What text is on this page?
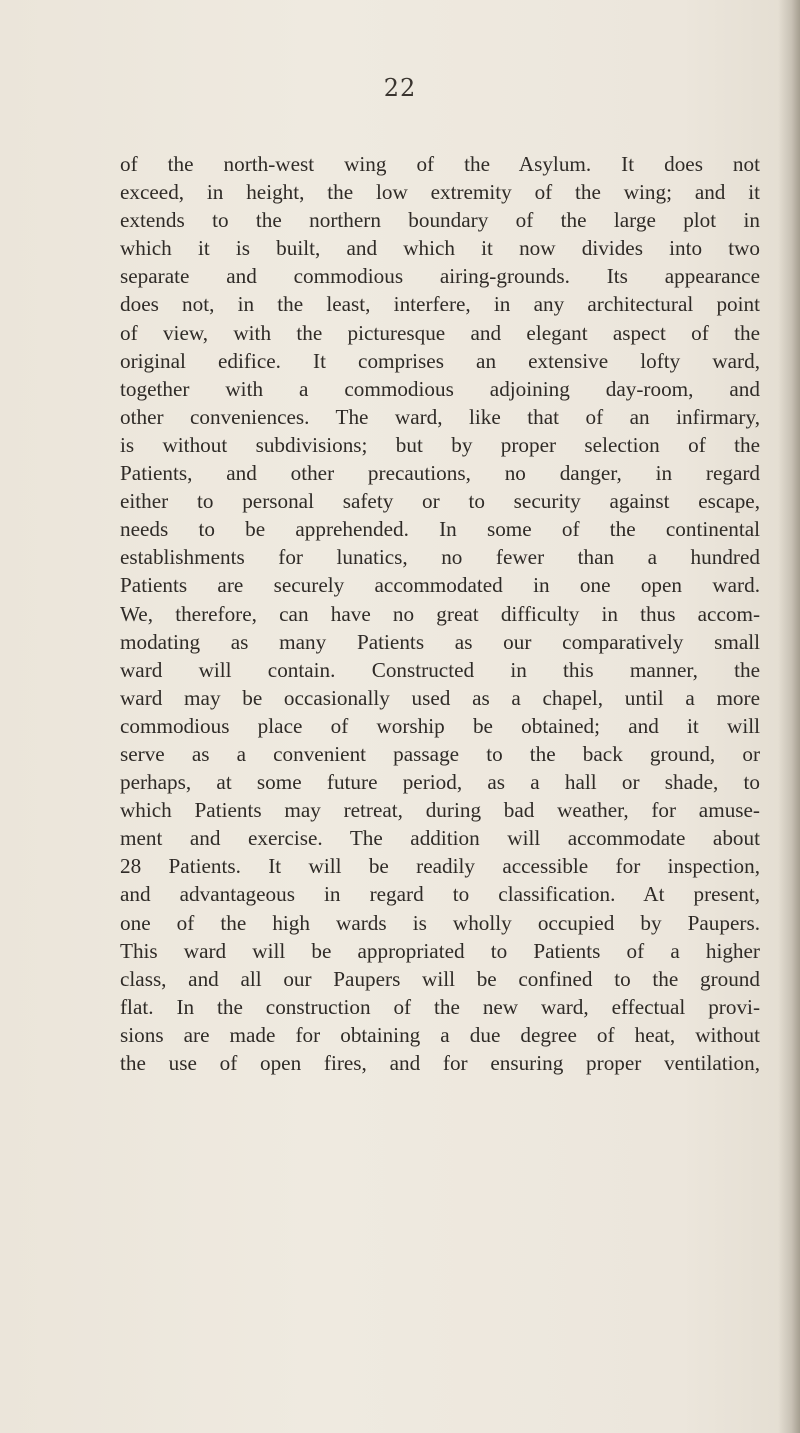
22
of the north-west wing of the Asylum. It does not
exceed, in height, the low extremity of the wing; and it
extends to the northern boundary of the large plot in
which it is built, and which it now divides into two
separate and commodious airing-grounds. Its appearance
does not, in the least, interfere, in any architectural point
of view, with the picturesque and elegant aspect of the
original edifice. It comprises an extensive lofty ward,
together with a commodious adjoining day-room, and
other conveniences. The ward, like that of an infirmary,
is without subdivisions; but by proper selection of the
Patients, and other precautions, no danger, in regard
either to personal safety or to security against escape,
needs to be apprehended. In some of the continental
establishments for lunatics, no fewer than a hundred
Patients are securely accommodated in one open ward.
We, therefore, can have no great difficulty in thus accom-
modating as many Patients as our comparatively small
ward will contain. Constructed in this manner, the
ward may be occasionally used as a chapel, until a more
commodious place of worship be obtained; and it will
serve as a convenient passage to the back ground, or
perhaps, at some future period, as a hall or shade, to
which Patients may retreat, during bad weather, for amuse-
ment and exercise. The addition will accommodate about
28 Patients. It will be readily accessible for inspection,
and advantageous in regard to classification. At present,
one of the high wards is wholly occupied by Paupers.
This ward will be appropriated to Patients of a higher
class, and all our Paupers will be confined to the ground
flat. In the construction of the new ward, effectual provi-
sions are made for obtaining a due degree of heat, without
the use of open fires, and for ensuring proper ventilation,
